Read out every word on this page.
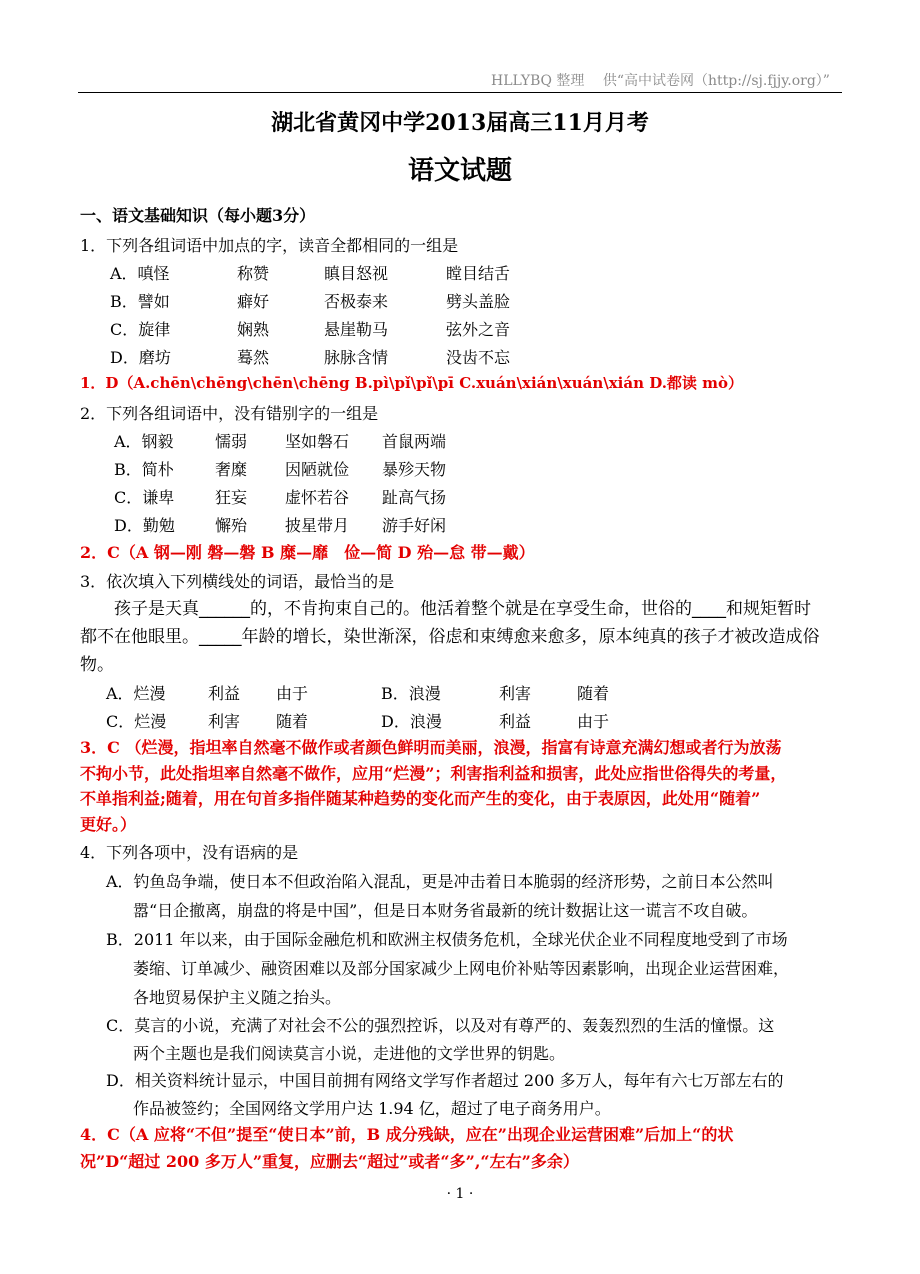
HLLYBQ 整理　 供“高中试卷网（http://sj.fjjy.org）”
湖北省黄冈中学2013届高三11月月考
语文试题
一、语文基础知识（每小题3分）
1．下列各组词语中加点的字，读音全都相同的一组是
A．嗔怪	称赞	瞋目怒视	瞠目结舌
B．譬如	癖好	否极泰来	劈头盖脸
C．旋律	娴熟	悬崖勒马	弦外之音
D．磨坊	蓦然	脉脉含情	没齿不忘
1．D（A.chēn\chēng\chēn\chēng B.pì\pǐ\pǐ\pī C.xuán\xián\xuán\xián D.都读 mò）
2．下列各组词语中，没有错别字的一组是
A．钢毅	懦弱 坚如磐石 首鼠两端
B．简朴	奢糜 因陋就俭 暴殄天物
C．谦卑	狂妄 虚怀若谷 趾高气扬
D．勤勉	懈殆 披星带月 游手好闲
2．C（A 钢—刚 磐—磐 B 糜—靡　俭—简 D 殆—怠 带—戴）
3．依次填入下列横线处的词语，最恰当的是
孩子是天真______的，不肯拘束自己的。他活着整个就是在享受生命，世俗的____和规矩暂时
都不在他眼里。_____年龄的增长，染世渐深，俗虑和束缚愈来愈多，原本纯真的孩子才被改造成俗
物。
A．烂漫	利益 由于	B．浪漫	利害	随着
C．烂漫	利害 随着	D．浪漫	利益	由于
3．C （烂漫，指坦率自然毫不做作或者颜色鲜明而美丽，浪漫，指富有诗意充满幻想或者行为放荡
不拘小节，此处指坦率自然毫不做作，应用“烂漫”；利害指利益和损害，此处应指世俗得失的考量，
不单指利益;随着，用在句首多指伴随某种趋势的变化而产生的变化，由于表原因，此处用“随着”
更好。）
4．下列各项中，没有语病的是
A．钓鱼岛争端，使日本不但政治陷入混乱，更是冲击着日本脆弱的经济形势，之前日本公然叫
嚣“日企撤离，崩盘的将是中国”，但是日本财务省最新的统计数据让这一谎言不攻自破。
B．2011 年以来，由于国际金融危机和欧洲主权债务危机，全球光伏企业不同程度地受到了市场
萎缩、订单减少、融资困难以及部分国家减少上网电价补贴等因素影响，出现企业运营困难，
各地贸易保护主义随之抬头。
C．莫言的小说，充满了对社会不公的强烈控诉，以及对有尊严的、轰轰烈烈的生活的憧憬。这
两个主题也是我们阅读莫言小说，走进他的文学世界的钥匙。
D．相关资料统计显示，中国目前拥有网络文学写作者超过 200 多万人，每年有六七万部左右的
作品被签约；全国网络文学用户达 1.94 亿，超过了电子商务用户。
4．C（A 应将“不但”提至“使日本”前，B 成分残缺，应在”出现企业运营困难”后加上“的状
况”D“超过 200 多万人”重复，应删去“超过”或者“多”,“左右”多余）
· 1 ·
